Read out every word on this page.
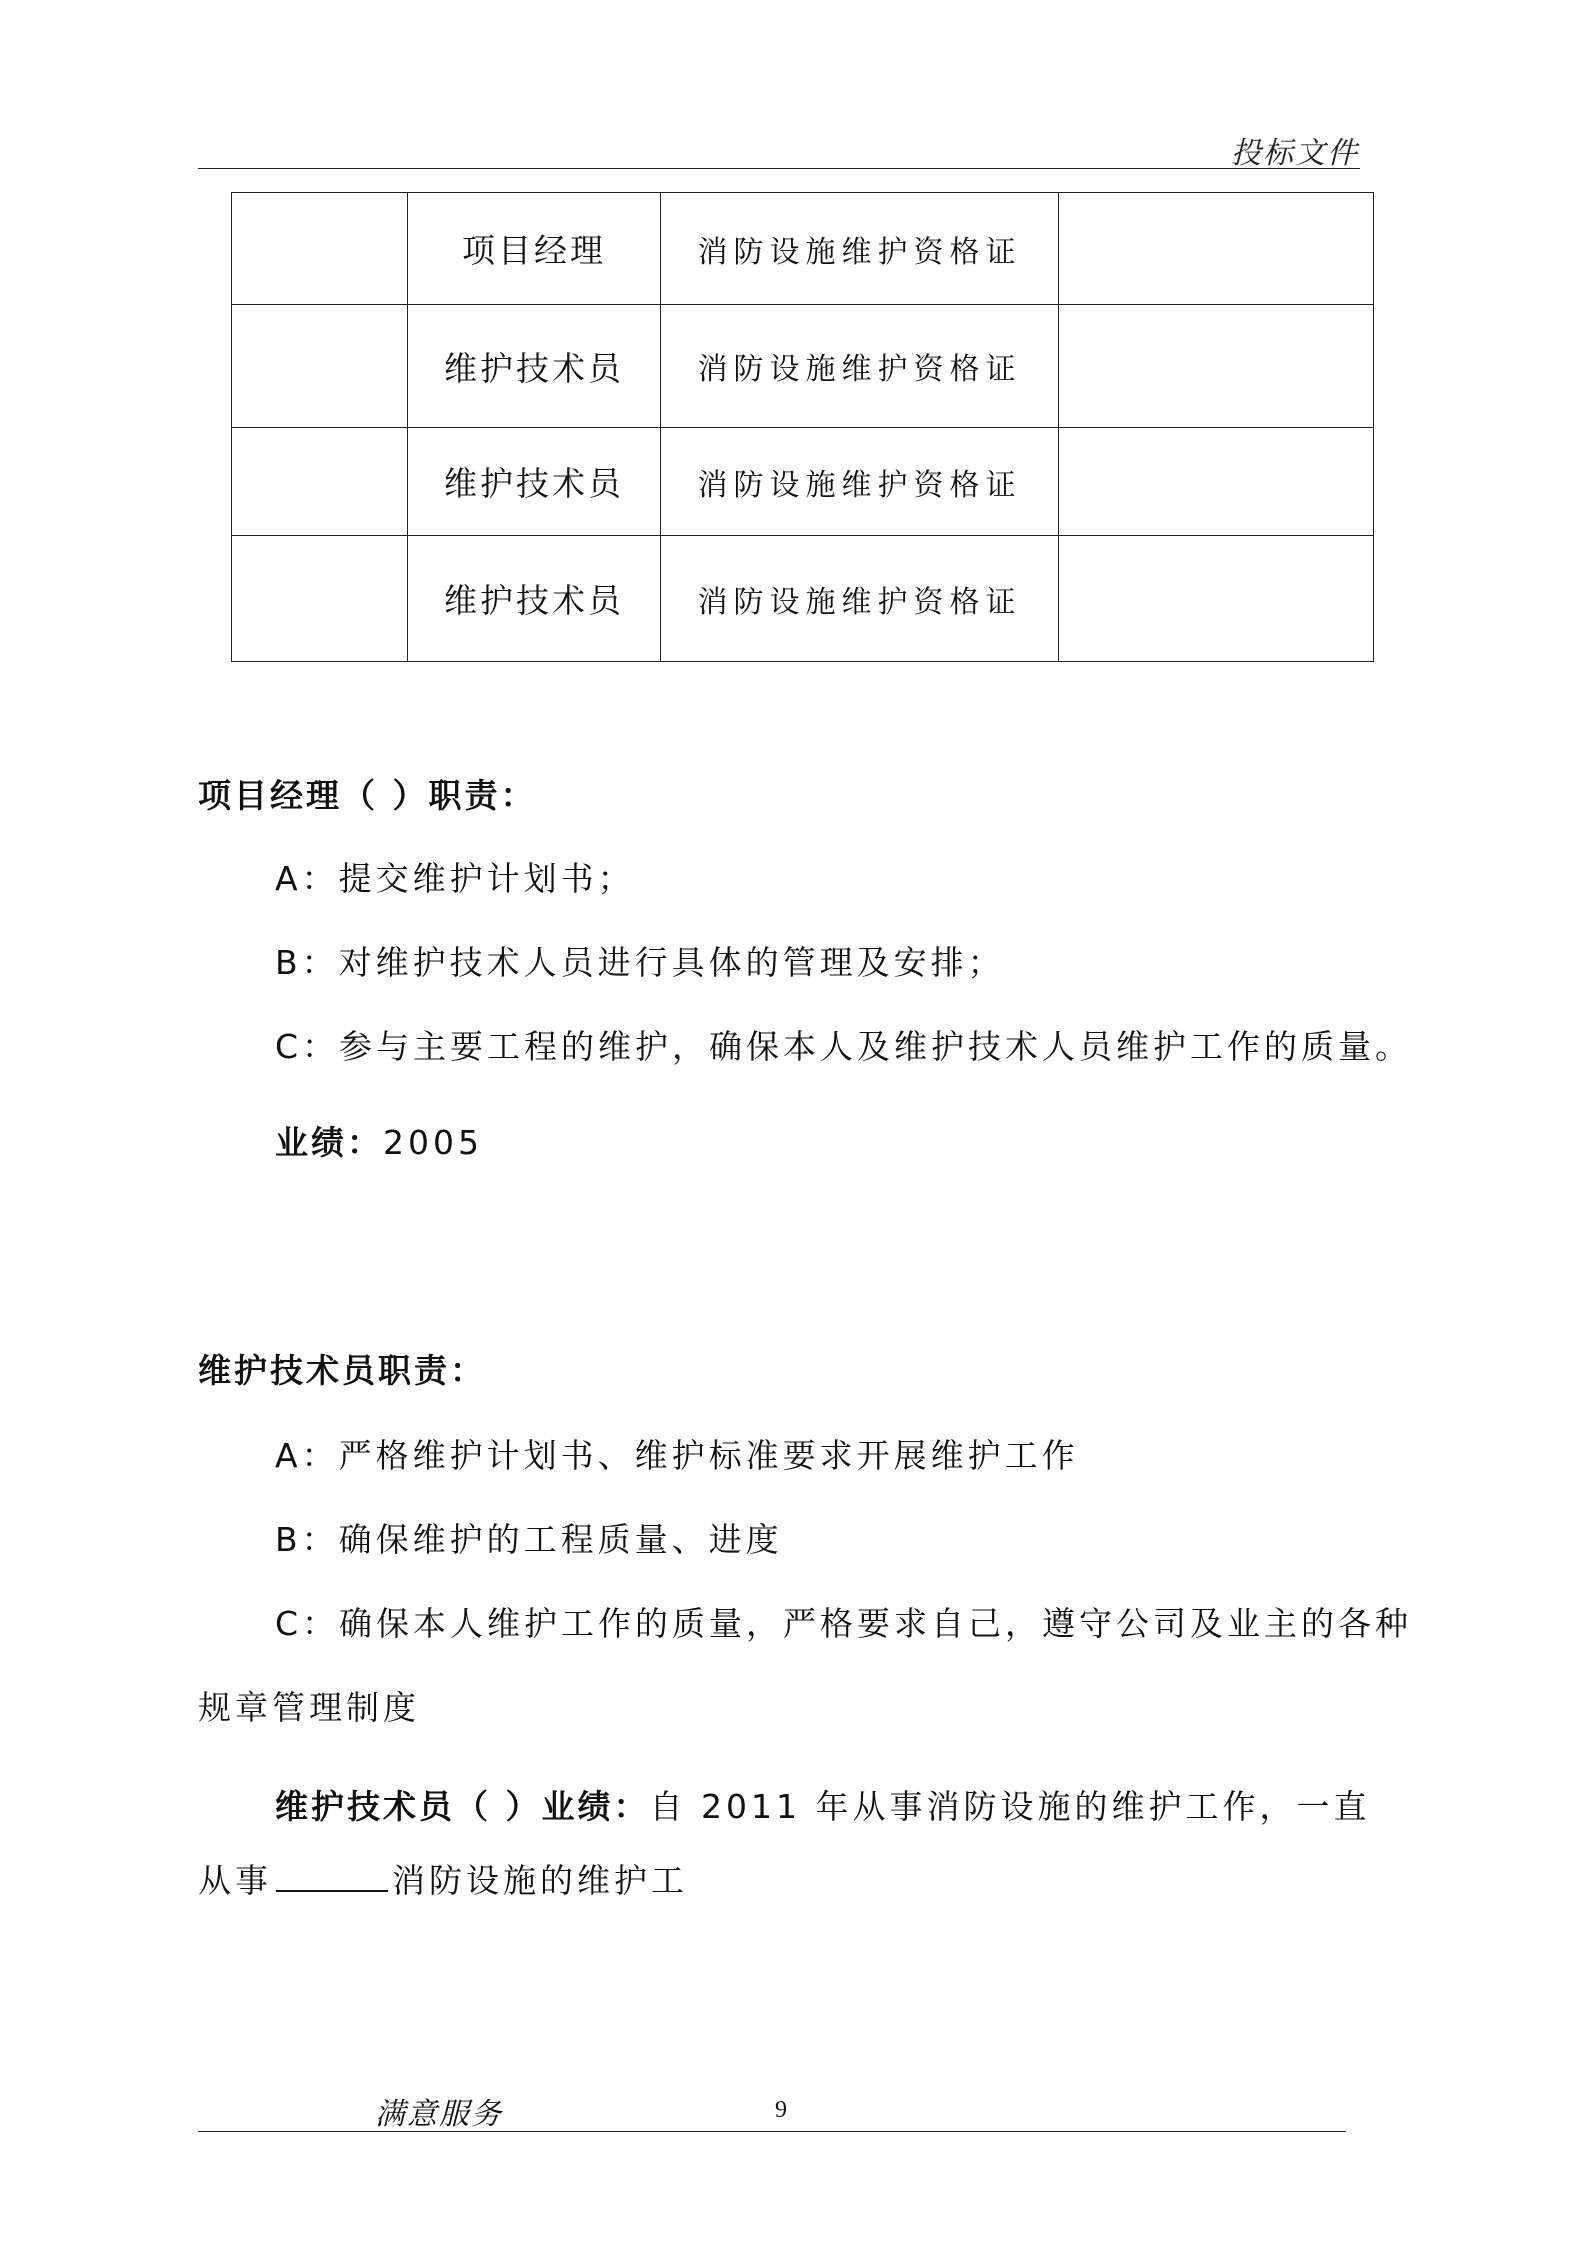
投标文件
	项目经理	消防设施维护资格证	
	维护技术员	消防设施维护资格证	
	维护技术员	消防设施维护资格证	
	维护技术员	消防设施维护资格证	
项目经理（ ）职责：
A：提交维护计划书；
B：对维护技术人员进行具体的管理及安排；
C：参与主要工程的维护，确保本人及维护技术人员维护工作的质量。
业绩：2005
维护技术员职责：
A：严格维护计划书、维护标准要求开展维护工作
B：确保维护的工程质量、进度
C：确保本人维护工作的质量，严格要求自己，遵守公司及业主的各种
规章管理制度
维护技术员（ ）业绩：自 2011 年从事消防设施的维护工作，一直
从事	消防设施的维护工
满意服务	9
